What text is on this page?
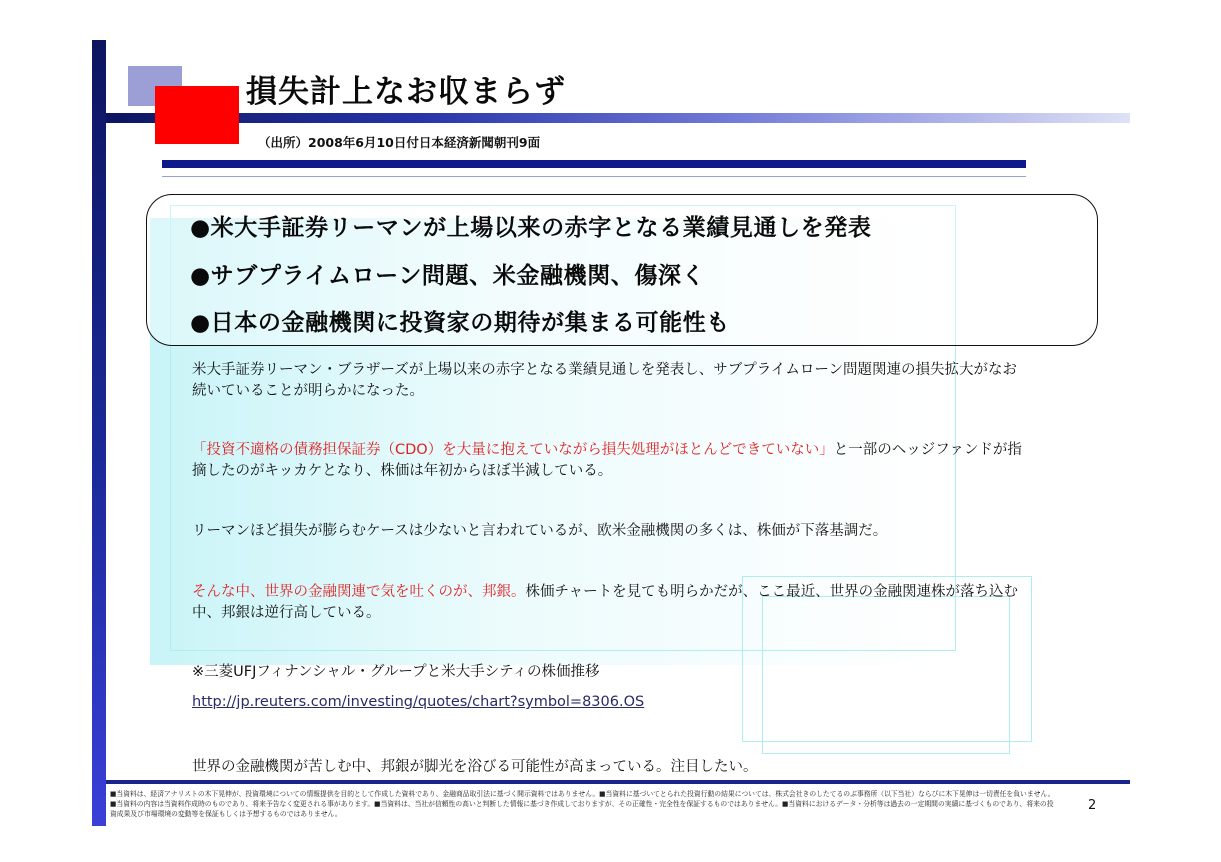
損失計上なお収まらず
（出所）2008年6月10日付日本経済新聞朝刊9面
●米大手証券リーマンが上場以来の赤字となる業績見通しを発表
●サブプライムローン問題、米金融機関、傷深く
●日本の金融機関に投資家の期待が集まる可能性も
米大手証券リーマン・ブラザーズが上場以来の赤字となる業績見通しを発表し、サブプライムローン問題関連の損失拡大がなお続いていることが明らかになった。
「投資不適格の債務担保証券（CDO）を大量に抱えていながら損失処理がほとんどできていない」と一部のヘッジファンドが指摘したのがキッカケとなり、株価は年初からほぼ半減している。
リーマンほど損失が膨らむケースは少ないと言われているが、欧米金融機関の多くは、株価が下落基調だ。
そんな中、世界の金融関連で気を吐くのが、邦銀。株価チャートを見ても明らかだが、ここ最近、世界の金融関連株が落ち込む中、邦銀は逆行高している。
※三菱UFJフィナンシャル・グループと米大手シティの株価推移
http://jp.reuters.com/investing/quotes/chart?symbol=8306.OS
世界の金融機関が苦しむ中、邦銀が脚光を浴びる可能性が高まっている。注目したい。
■当資料は、経済アナリストの木下晃伸が、投資環境についての情報提供を目的として作成した資料であり、金融商品取引法に基づく開示資料ではありません。■当資料に基づいてとられた投資行動の結果については、株式会社きのしたてるのぶ事務所（以下当社）ならびに木下晃伸は一切責任を負いません。■当資料の内容は当資料作成時のものであり、将来予告なく変更される事があります。■当資料は、当社が信頼性の高いと判断した情報に基づき作成しておりますが、その正確性・完全性を保証するものではありません。■当資料におけるデータ・分析等は過去の一定期間の実績に基づくものであり、将来の投資成果及び市場環境の変動等を保証もしくは予想するものではありません。
2
